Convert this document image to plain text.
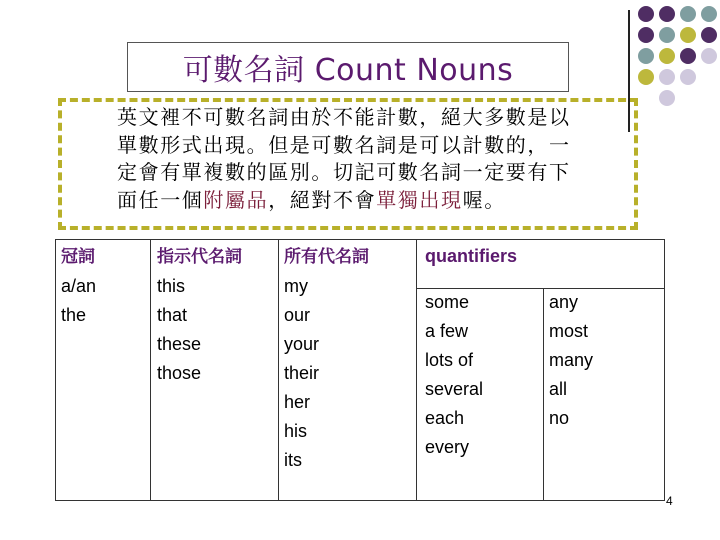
可數名詞 Count Nouns
英文裡不可數名詞由於不能計數，絕大多數是以
單數形式出現。但是可數名詞是可以計數的，一
定會有單複數的區別。切記可數名詞一定要有下
面任一個附屬品，絕對不會單獨出現喔。
冠詞
a/an
the
指示代名詞
this
that
these
those
所有代名詞
my
our
your
their
her
his
its
quantifiers
some
a few
lots of
several
each
every
any
most
many
all
no
4
